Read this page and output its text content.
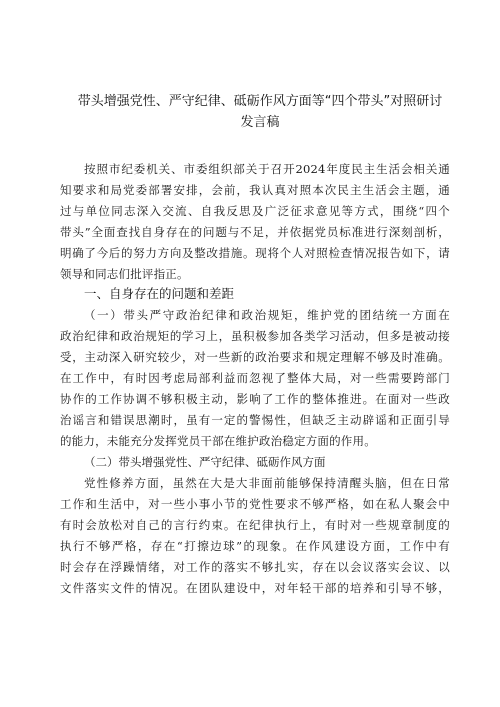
带头增强党性、严守纪律、砥砺作风方面等“四个带头”对照研讨
发言稿
按照市纪委机关、市委组织部关于召开2024年度民主生活会相关通
知要求和局党委部署安排，会前，我认真对照本次民主生活会主题，通
过与单位同志深入交流、自我反思及广泛征求意见等方式，围绕“四个
带头”全面查找自身存在的问题与不足，并依据党员标准进行深刻剖析，
明确了今后的努力方向及整改措施。现将个人对照检查情况报告如下，请
领导和同志们批评指正。
一、自身存在的问题和差距
（一）带头严守政治纪律和政治规矩，维护党的团结统一方面在
政治纪律和政治规矩的学习上，虽积极参加各类学习活动，但多是被动接
受，主动深入研究较少，对一些新的政治要求和规定理解不够及时准确。
在工作中，有时因考虑局部利益而忽视了整体大局，对一些需要跨部门
协作的工作协调不够积极主动，影响了工作的整体推进。在面对一些政
治谣言和错误思潮时，虽有一定的警惕性，但缺乏主动辟谣和正面引导
的能力，未能充分发挥党员干部在维护政治稳定方面的作用。
（二）带头增强党性、严守纪律、砥砺作风方面
党性修养方面，虽然在大是大非面前能够保持清醒头脑，但在日常
工作和生活中，对一些小事小节的党性要求不够严格，如在私人聚会中
有时会放松对自己的言行约束。在纪律执行上，有时对一些规章制度的
执行不够严格，存在“打擦边球”的现象。在作风建设方面，工作中有
时会存在浮躁情绪，对工作的落实不够扎实，存在以会议落实会议、以
文件落实文件的情况。在团队建设中，对年轻干部的培养和引导不够，
